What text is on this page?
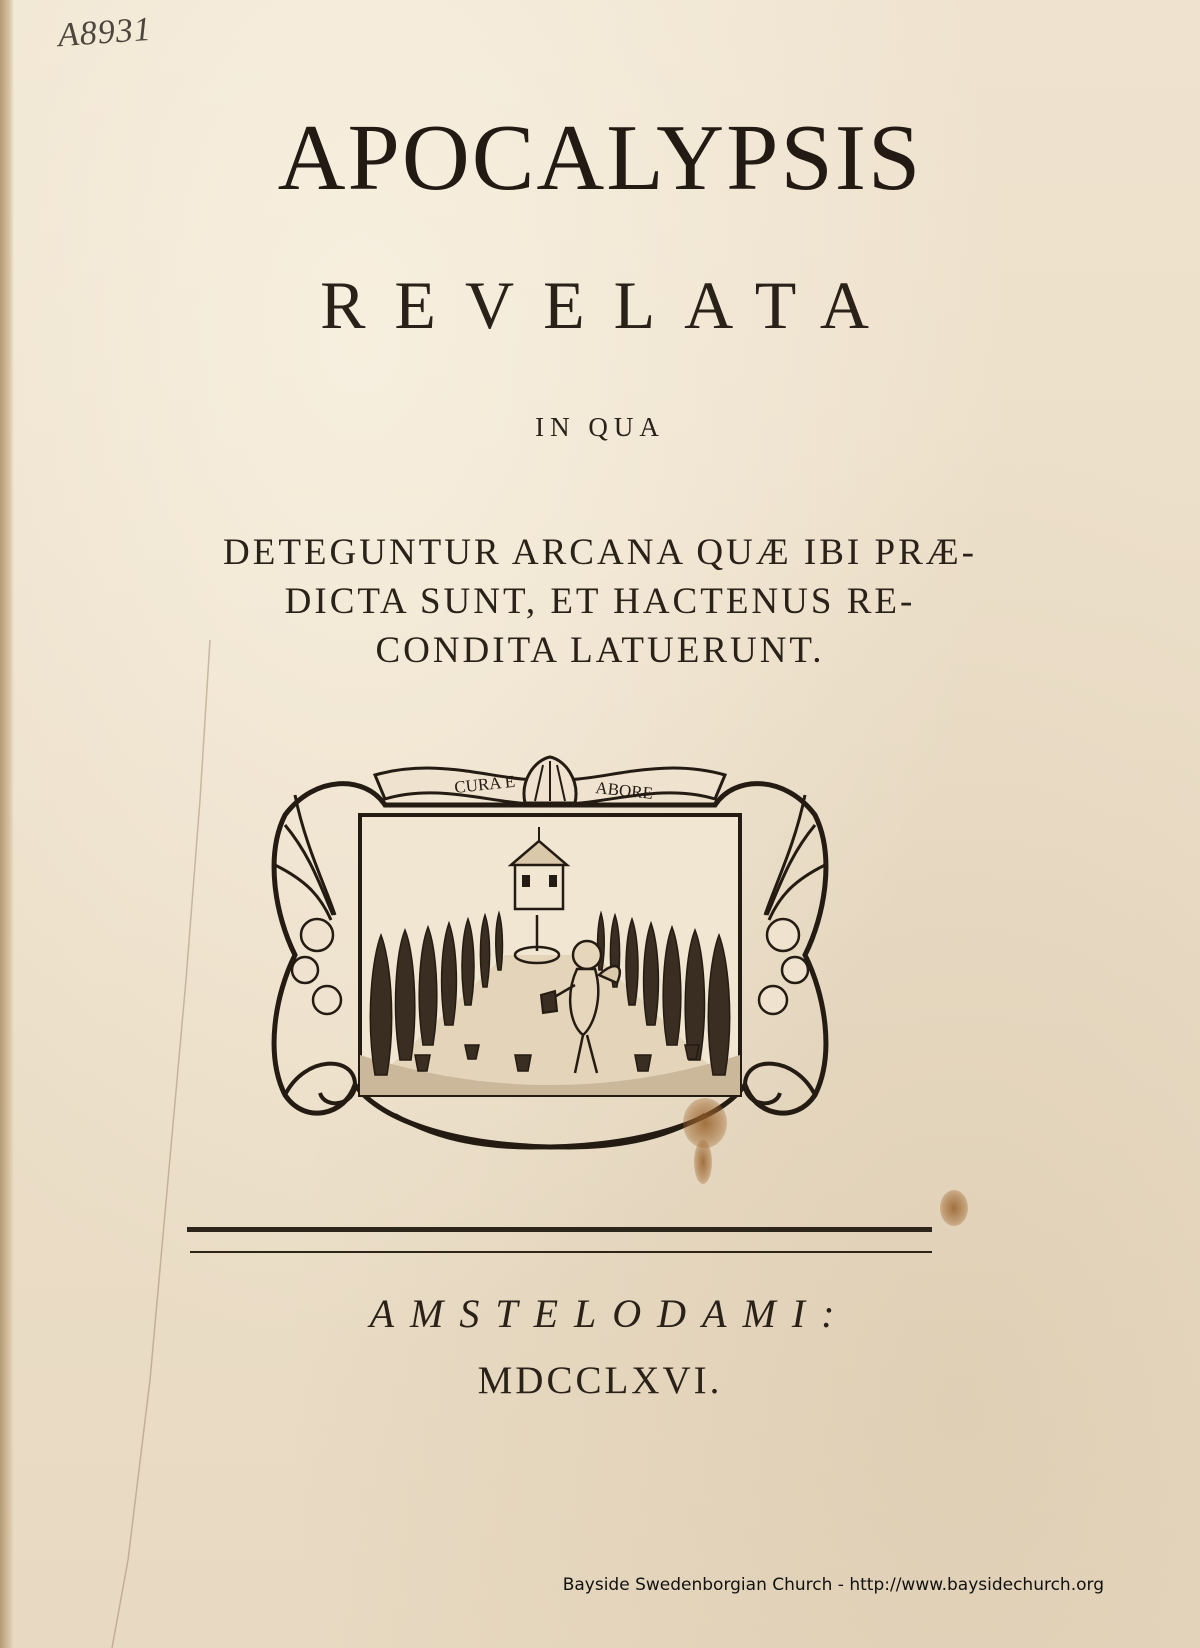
A8931
APOCALYPSIS
REVELATA
IN QUA
DETEGUNTUR ARCANA QUÆ IBI PRÆ-
DICTA SUNT, ET HACTENUS RE-
CONDITA LATUERUNT.
CURA E	ABORE
AMSTELODAMI:
MDCCLXVI.
Bayside Swedenborgian Church - http://www.baysidechurch.org
